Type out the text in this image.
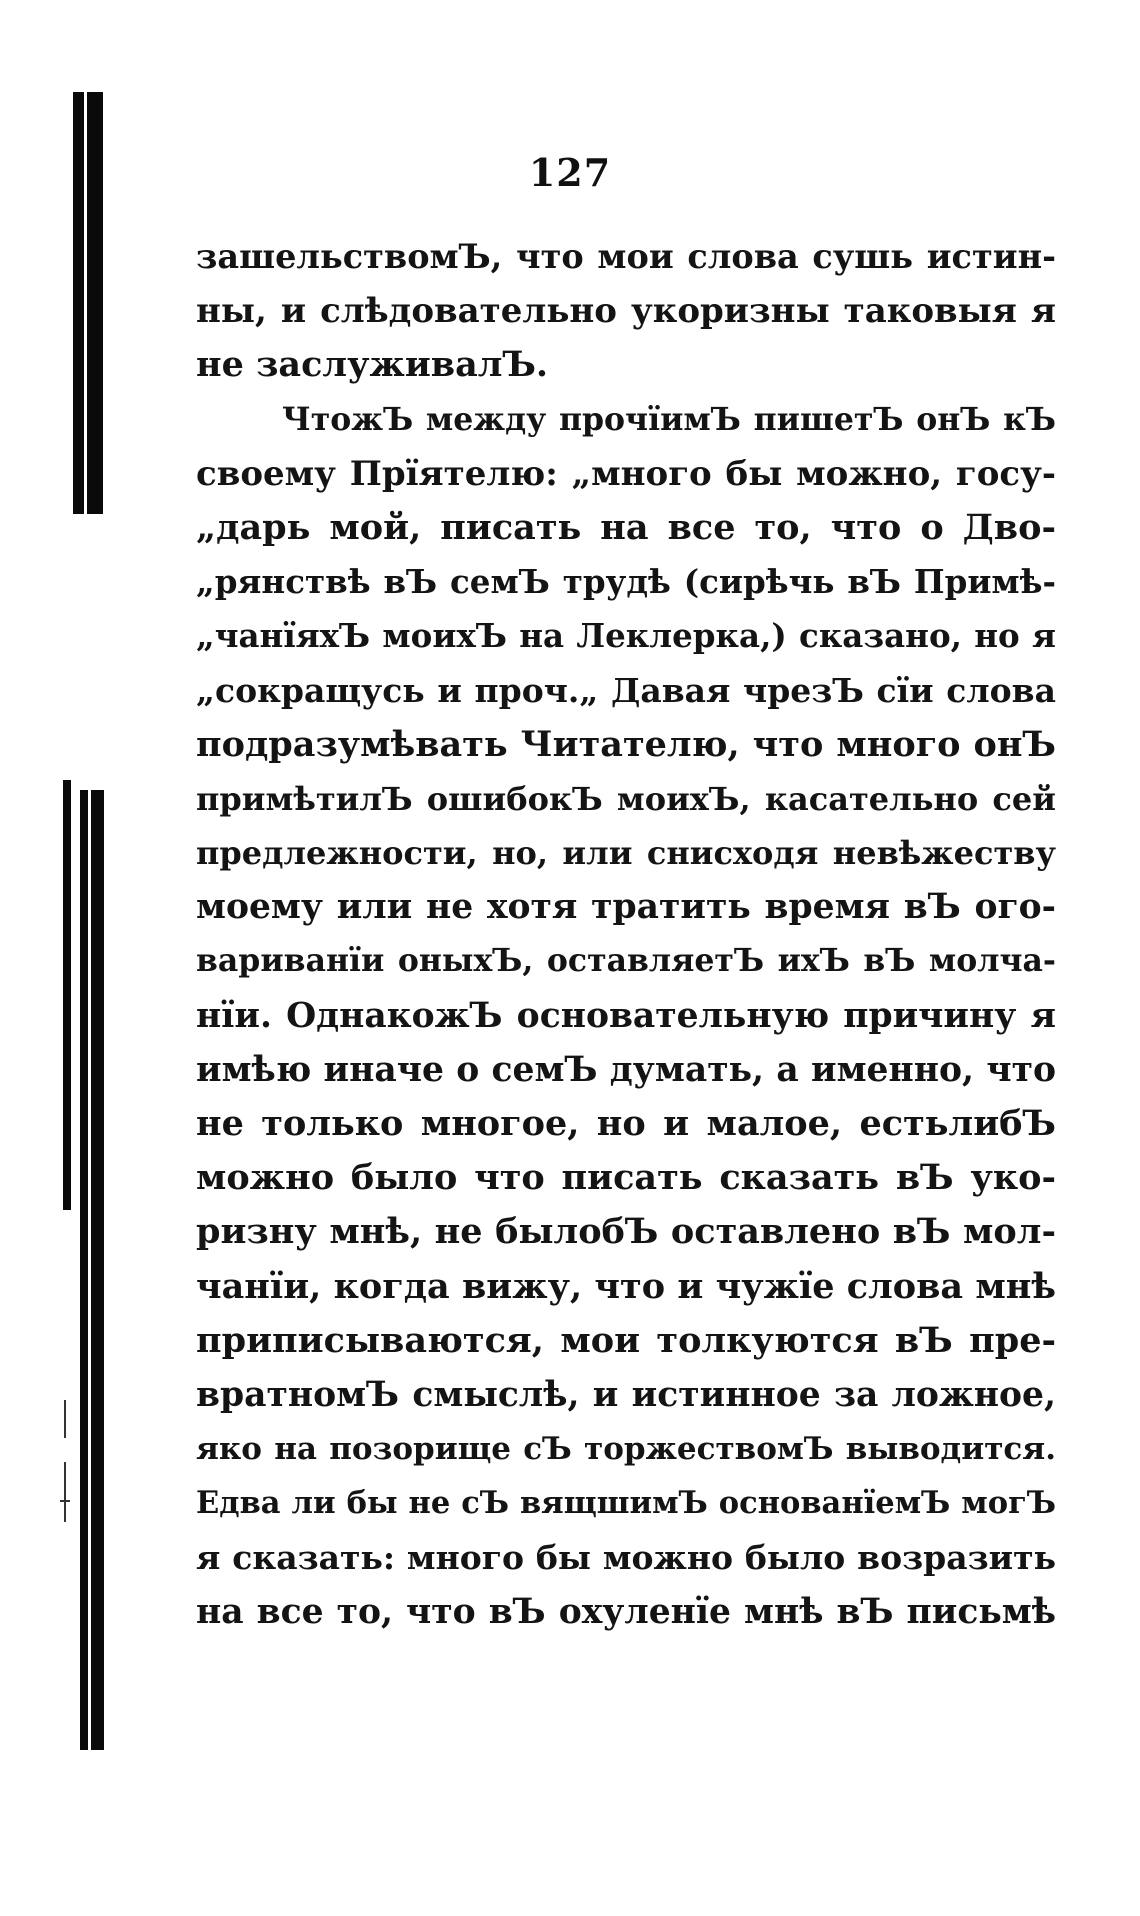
127
зашельствомЪ, что мои слова сушь истин-
ны, и слѣдовательно укоризны таковыя я
не заслуживалЪ.
ЧтожЪ между прочїимЪ пишетЪ онЪ кЪ
своему Прїятелю: „много бы можно, госу-
„дарь мой, писать на все то, что о Дво-
„рянствѣ вЪ семЪ трудѣ (сирѣчь вЪ Примѣ-
„чанїяхЪ моихЪ на Леклерка,) сказано, но я
„сокращусь и проч.„ Давая чрезЪ сїи слова
подразумѣвать Читателю, что много онЪ
примѣтилЪ ошибокЪ моихЪ, касательно сей
предлежности, но, или снисходя невѣжеству
моему или не хотя тратить время вЪ ого-
вариванїи оныхЪ, оставляетЪ ихЪ вЪ молча-
нїи. ОднакожЪ основательную причину я
имѣю иначе о семЪ думать, а именно, что
не только многое, но и малое, естьлибЪ
можно было что писать сказать вЪ уко-
ризну мнѣ, не былобЪ оставлено вЪ мол-
чанїи, когда вижу, что и чужїе слова мнѣ
приписываются, мои толкуются вЪ пре-
вратномЪ смыслѣ, и истинное за ложное,
яко на позорище сЪ торжествомЪ выводится.
Едва ли бы не сЪ вящшимЪ основанїемЪ могЪ
я сказать: много бы можно было возразить
на все то, что вЪ охуленїе мнѣ вЪ письмѣ
